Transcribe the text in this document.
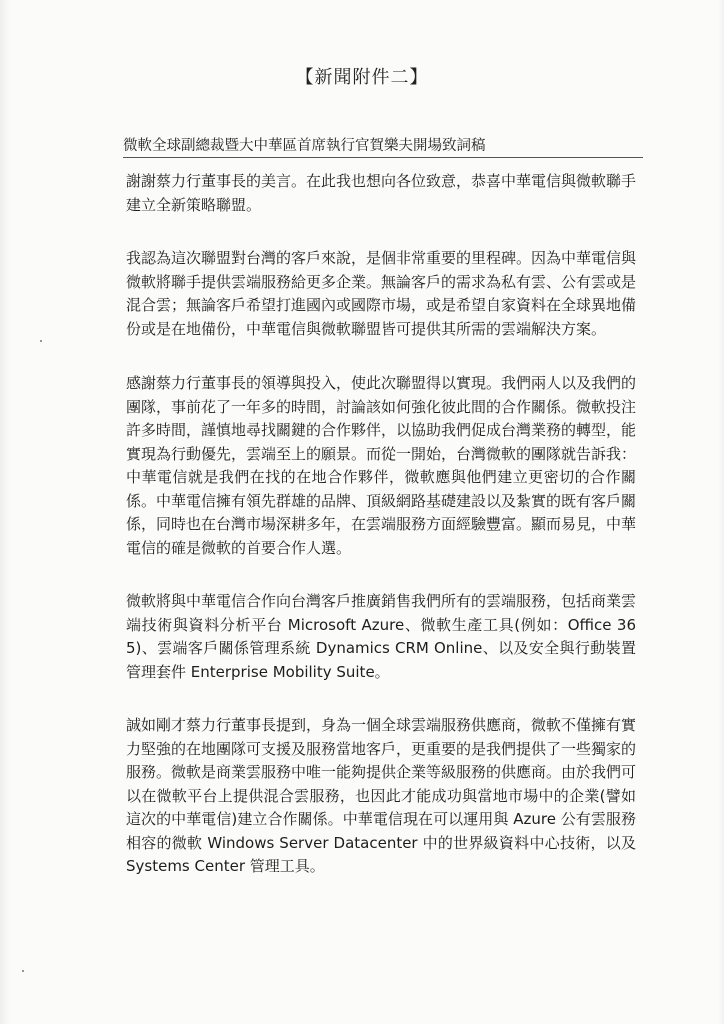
【新聞附件二】
微軟全球副總裁暨大中華區首席執行官賀樂夫開場致詞稿

謝謝蔡力行董事長的美言。在此我也想向各位致意，恭喜中華電信與微軟聯手建立全新策略聯盟。

我認為這次聯盟對台灣的客戶來說，是個非常重要的里程碑。因為中華電信與微軟將聯手提供雲端服務給更多企業。無論客戶的需求為私有雲、公有雲或是混合雲；無論客戶希望打進國內或國際市場，或是希望自家資料在全球異地備份或是在地備份，中華電信與微軟聯盟皆可提供其所需的雲端解決方案。

感謝蔡力行董事長的領導與投入，使此次聯盟得以實現。我們兩人以及我們的團隊，事前花了一年多的時間，討論該如何強化彼此間的合作關係。微軟投注許多時間，謹慎地尋找關鍵的合作夥伴，以協助我們促成台灣業務的轉型，能實現為行動優先，雲端至上的願景。而從一開始，台灣微軟的團隊就告訴我：中華電信就是我們在找的在地合作夥伴，微軟應與他們建立更密切的合作關係。中華電信擁有領先群雄的品牌、頂級網路基礎建設以及紮實的既有客戶關係，同時也在台灣市場深耕多年，在雲端服務方面經驗豐富。顯而易見，中華電信的確是微軟的首要合作人選。

微軟將與中華電信合作向台灣客戶推廣銷售我們所有的雲端服務，包括商業雲端技術與資料分析平台 Microsoft Azure、微軟生產工具(例如：Office 365)、雲端客戶關係管理系統 Dynamics CRM Online、以及安全與行動裝置管理套件 Enterprise Mobility Suite。

誠如剛才蔡力行董事長提到，身為一個全球雲端服務供應商，微軟不僅擁有實力堅強的在地團隊可支援及服務當地客戶，更重要的是我們提供了一些獨家的服務。微軟是商業雲服務中唯一能夠提供企業等級服務的供應商。由於我們可以在微軟平台上提供混合雲服務，也因此才能成功與當地市場中的企業(譬如這次的中華電信)建立合作關係。中華電信現在可以運用與 Azure 公有雲服務相容的微軟 Windows Server Datacenter 中的世界級資料中心技術，以及 Systems Center 管理工具。
